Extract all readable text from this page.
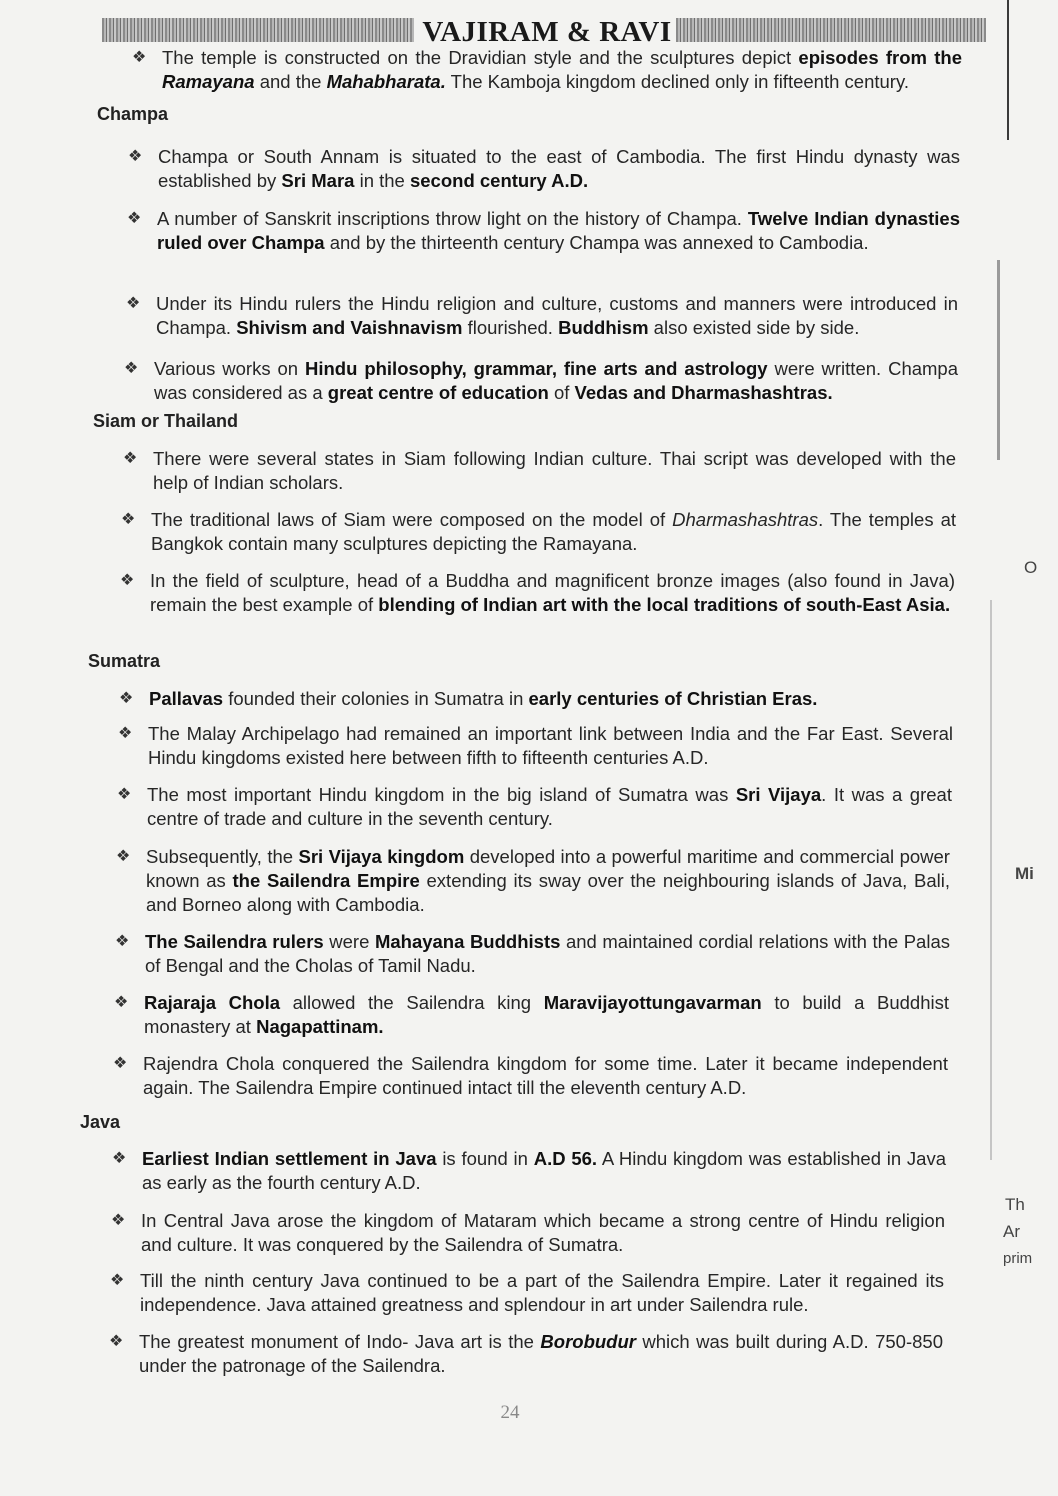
VAJIRAM & RAVI
O
Mi
Th
Ar
prim
❖ The temple is constructed on the Dravidian style and the sculptures depict episodes from the Ramayana and the Mahabharata. The Kamboja kingdom declined only in fifteenth century.
Champa
❖ Champa or South Annam is situated to the east of Cambodia. The first Hindu dynasty was established by Sri Mara in the second century A.D.
❖ A number of Sanskrit inscriptions throw light on the history of Champa. Twelve Indian dynasties ruled over Champa and by the thirteenth century Champa was annexed to Cambodia.
❖ Under its Hindu rulers the Hindu religion and culture, customs and manners were introduced in Champa. Shivism and Vaishnavism flourished. Buddhism also existed side by side.
❖ Various works on Hindu philosophy, grammar, fine arts and astrology were written. Champa was considered as a great centre of education of Vedas and Dharmashashtras.
Siam or Thailand
❖ There were several states in Siam following Indian culture. Thai script was developed with the help of Indian scholars.
❖ The traditional laws of Siam were composed on the model of Dharmashashtras. The temples at Bangkok contain many sculptures depicting the Ramayana.
❖ In the field of sculpture, head of a Buddha and magnificent bronze images (also found in Java) remain the best example of blending of Indian art with the local traditions of south-East Asia.
Sumatra
❖ Pallavas founded their colonies in Sumatra in early centuries of Christian Eras.
❖ The Malay Archipelago had remained an important link between India and the Far East. Several Hindu kingdoms existed here between fifth to fifteenth centuries A.D.
❖ The most important Hindu kingdom in the big island of Sumatra was Sri Vijaya. It was a great centre of trade and culture in the seventh century.
❖ Subsequently, the Sri Vijaya kingdom developed into a powerful maritime and commercial power known as the Sailendra Empire extending its sway over the neighbouring islands of Java, Bali, and Borneo along with Cambodia.
❖ The Sailendra rulers were Mahayana Buddhists and maintained cordial relations with the Palas of Bengal and the Cholas of Tamil Nadu.
❖ Rajaraja Chola allowed the Sailendra king Maravijayottungavarman to build a Buddhist monastery at Nagapattinam.
❖ Rajendra Chola conquered the Sailendra kingdom for some time. Later it became independent again. The Sailendra Empire continued intact till the eleventh century A.D.
Java
❖ Earliest Indian settlement in Java is found in A.D 56. A Hindu kingdom was established in Java as early as the fourth century A.D.
❖ In Central Java arose the kingdom of Mataram which became a strong centre of Hindu religion and culture. It was conquered by the Sailendra of Sumatra.
❖ Till the ninth century Java continued to be a part of the Sailendra Empire. Later it regained its independence. Java attained greatness and splendour in art under Sailendra rule.
❖ The greatest monument of Indo- Java art is the Borobudur which was built during A.D. 750-850 under the patronage of the Sailendra.
24
